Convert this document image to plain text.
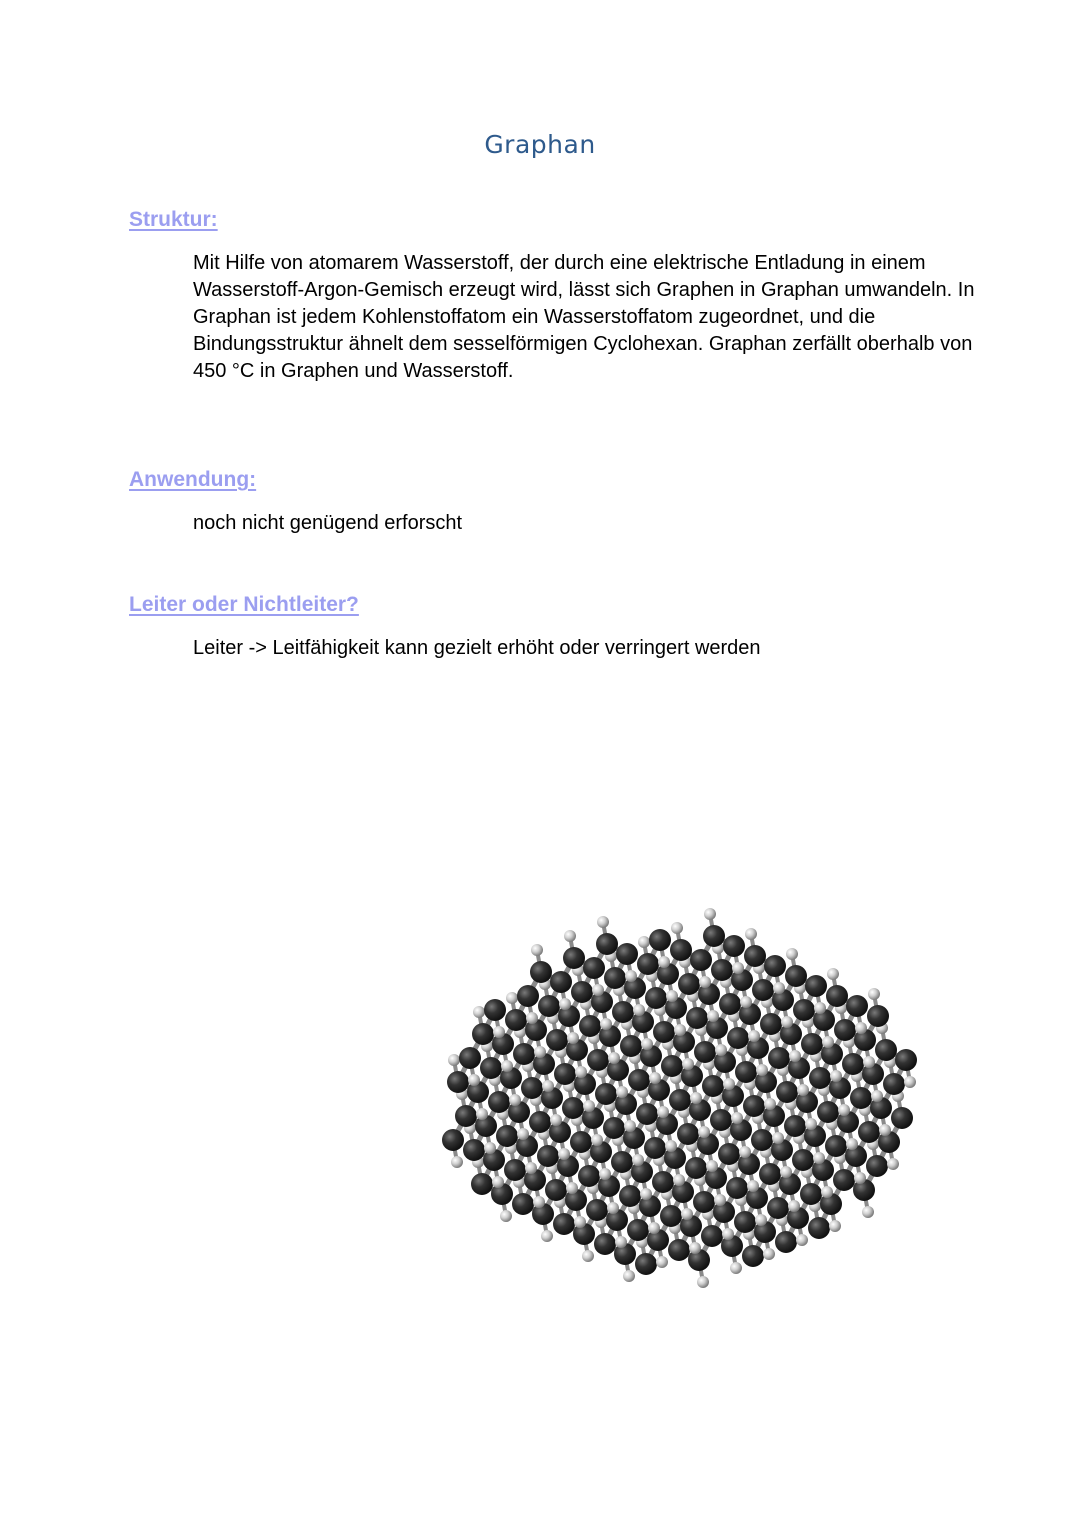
Graphan
Struktur:
Mit Hilfe von atomarem Wasserstoff, der durch eine elektrische Entladung in einem Wasserstoff-Argon-Gemisch erzeugt wird, lässt sich Graphen in Graphan umwandeln. In Graphan ist jedem Kohlenstoffatom ein Wasserstoffatom zugeordnet, und die Bindungsstruktur ähnelt dem sesselförmigen Cyclohexan. Graphan zerfällt oberhalb von 450 °C in Graphen und Wasserstoff.
Anwendung:
noch nicht genügend erforscht
Leiter oder Nichtleiter?
Leiter -> Leitfähigkeit kann gezielt erhöht oder verringert werden
